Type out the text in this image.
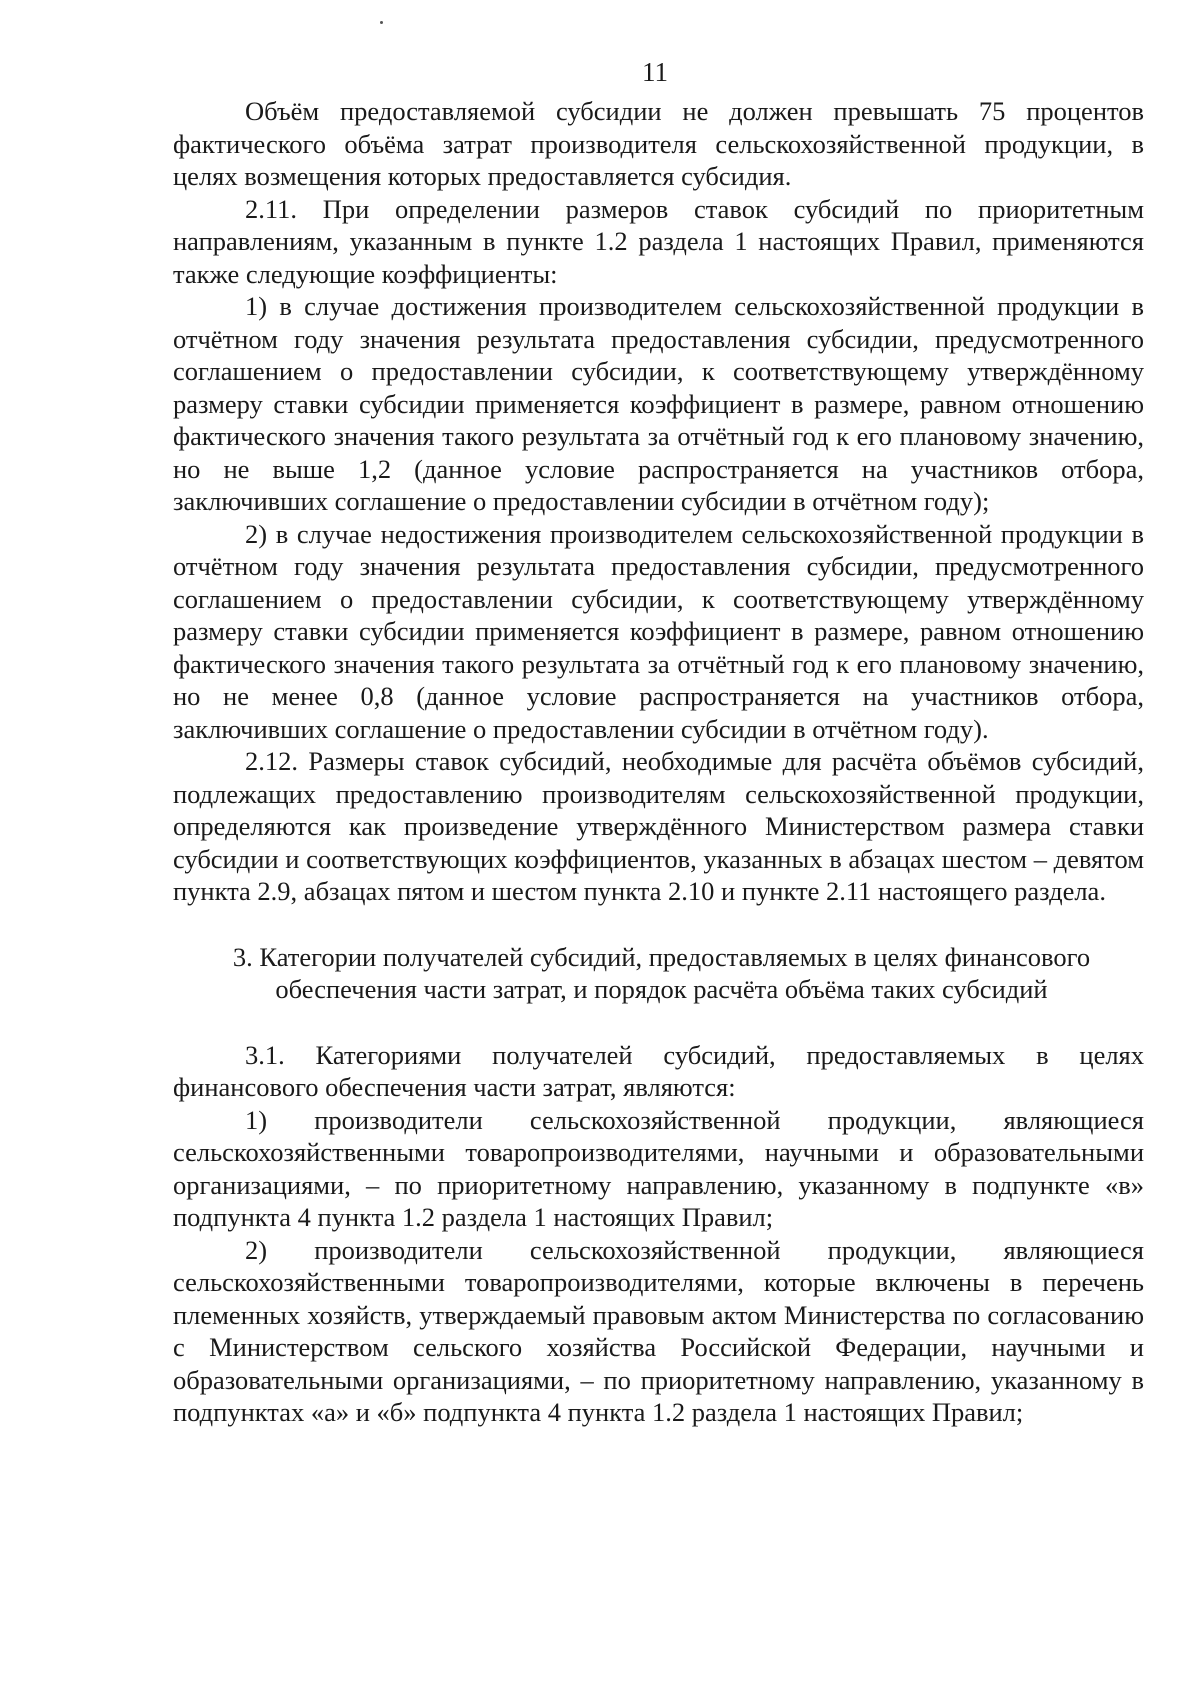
11

Объём предоставляемой субсидии не должен превышать 75 процентов фактического объёма затрат производителя сельскохозяйственной продукции, в целях возмещения которых предоставляется субсидия.

2.11. При определении размеров ставок субсидий по приоритетным направлениям, указанным в пункте 1.2 раздела 1 настоящих Правил, применяются также следующие коэффициенты:

1) в случае достижения производителем сельскохозяйственной продукции в отчётном году значения результата предоставления субсидии, предусмотренного соглашением о предоставлении субсидии, к соответствующему утверждённому размеру ставки субсидии применяется коэффициент в размере, равном отношению фактического значения такого результата за отчётный год к его плановому значению, но не выше 1,2 (данное условие распространяется на участников отбора, заключивших соглашение о предоставлении субсидии в отчётном году);

2) в случае недостижения производителем сельскохозяйственной продукции в отчётном году значения результата предоставления субсидии, предусмотренного соглашением о предоставлении субсидии, к соответствующему утверждённому размеру ставки субсидии применяется коэффициент в размере, равном отношению фактического значения такого результата за отчётный год к его плановому значению, но не менее 0,8 (данное условие распространяется на участников отбора, заключивших соглашение о предоставлении субсидии в отчётном году).

2.12. Размеры ставок субсидий, необходимые для расчёта объёмов субсидий, подлежащих предоставлению производителям сельскохозяйственной продукции, определяются как произведение утверждённого Министерством размера ставки субсидии и соответствующих коэффициентов, указанных в абзацах шестом – девятом пункта 2.9, абзацах пятом и шестом пункта 2.10 и пункте 2.11 настоящего раздела.

3. Категории получателей субсидий, предоставляемых в целях финансового
обеспечения части затрат, и порядок расчёта объёма таких субсидий

3.1. Категориями получателей субсидий, предоставляемых в целях финансового обеспечения части затрат, являются:

1) производители сельскохозяйственной продукции, являющиеся сельскохозяйственными товаропроизводителями, научными и образовательными организациями, – по приоритетному направлению, указанному в подпункте «в» подпункта 4 пункта 1.2 раздела 1 настоящих Правил;

2) производители сельскохозяйственной продукции, являющиеся сельскохозяйственными товаропроизводителями, которые включены в перечень племенных хозяйств, утверждаемый правовым актом Министерства по согласованию с Министерством сельского хозяйства Российской Федерации, научными и образовательными организациями, – по приоритетному направлению, указанному в подпунктах «а» и «б» подпункта 4 пункта 1.2 раздела 1 настоящих Правил;
